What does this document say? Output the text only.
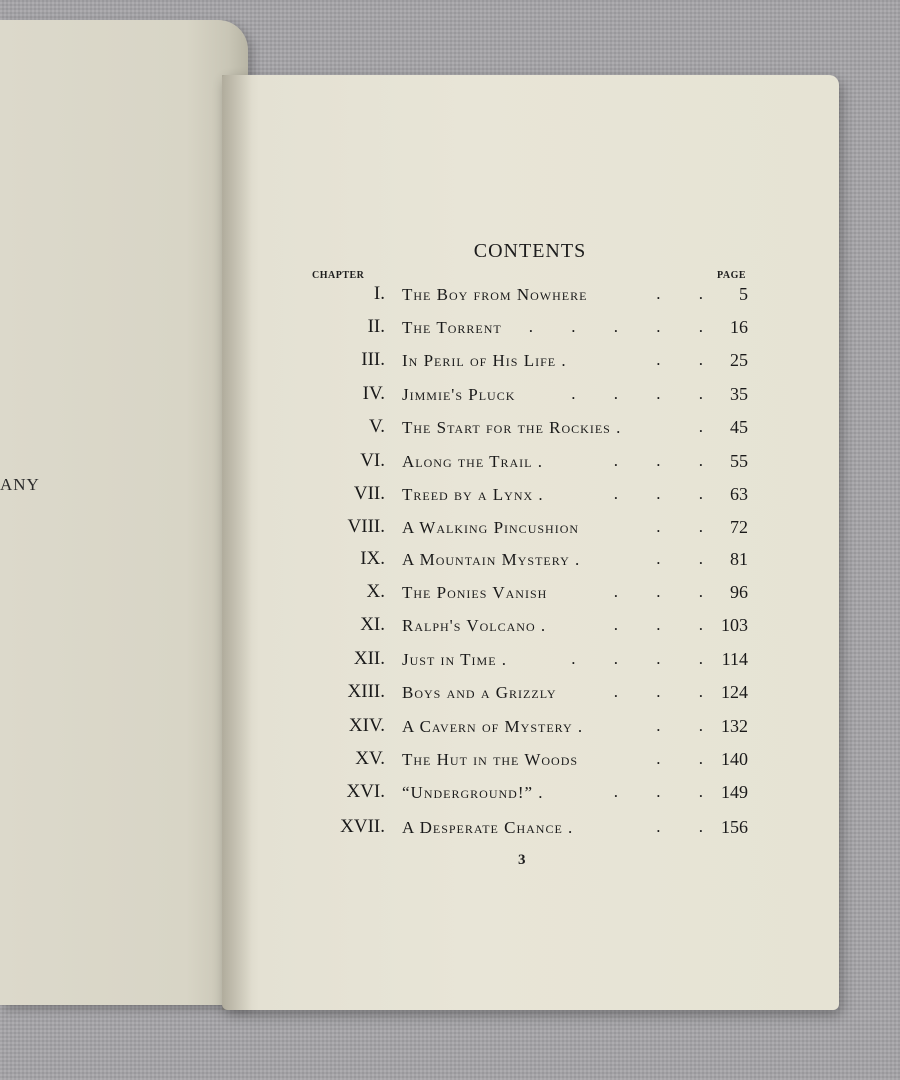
ANY
CONTENTS
CHAPTER	PAGE
I. The Boy from Nowhere	. . 5
II. The Torrent . . . . . 16
III. In Peril of His Life .	. . 25
IV. Jimmie's Pluck	. . . . 35
V. The Start for the Rockies .	. 45
VI. Along the Trail .	. . . 55
VII. Treed by a Lynx .	. . . 63
VIII. A Walking Pincushion	. . 72
IX. A Mountain Mystery .	. . 81
X. The Ponies Vanish	. . . 96
XI. Ralph's Volcano .	. . . 103
XII. Just in Time .	. . . . 114
XIII. Boys and a Grizzly	. . . 124
XIV. A Cavern of Mystery .	. . 132
XV. The Hut in the Woods	. . 140
XVI. “Underground!” .	. . . 149
XVII. A Desperate Chance .	. . 156
3
